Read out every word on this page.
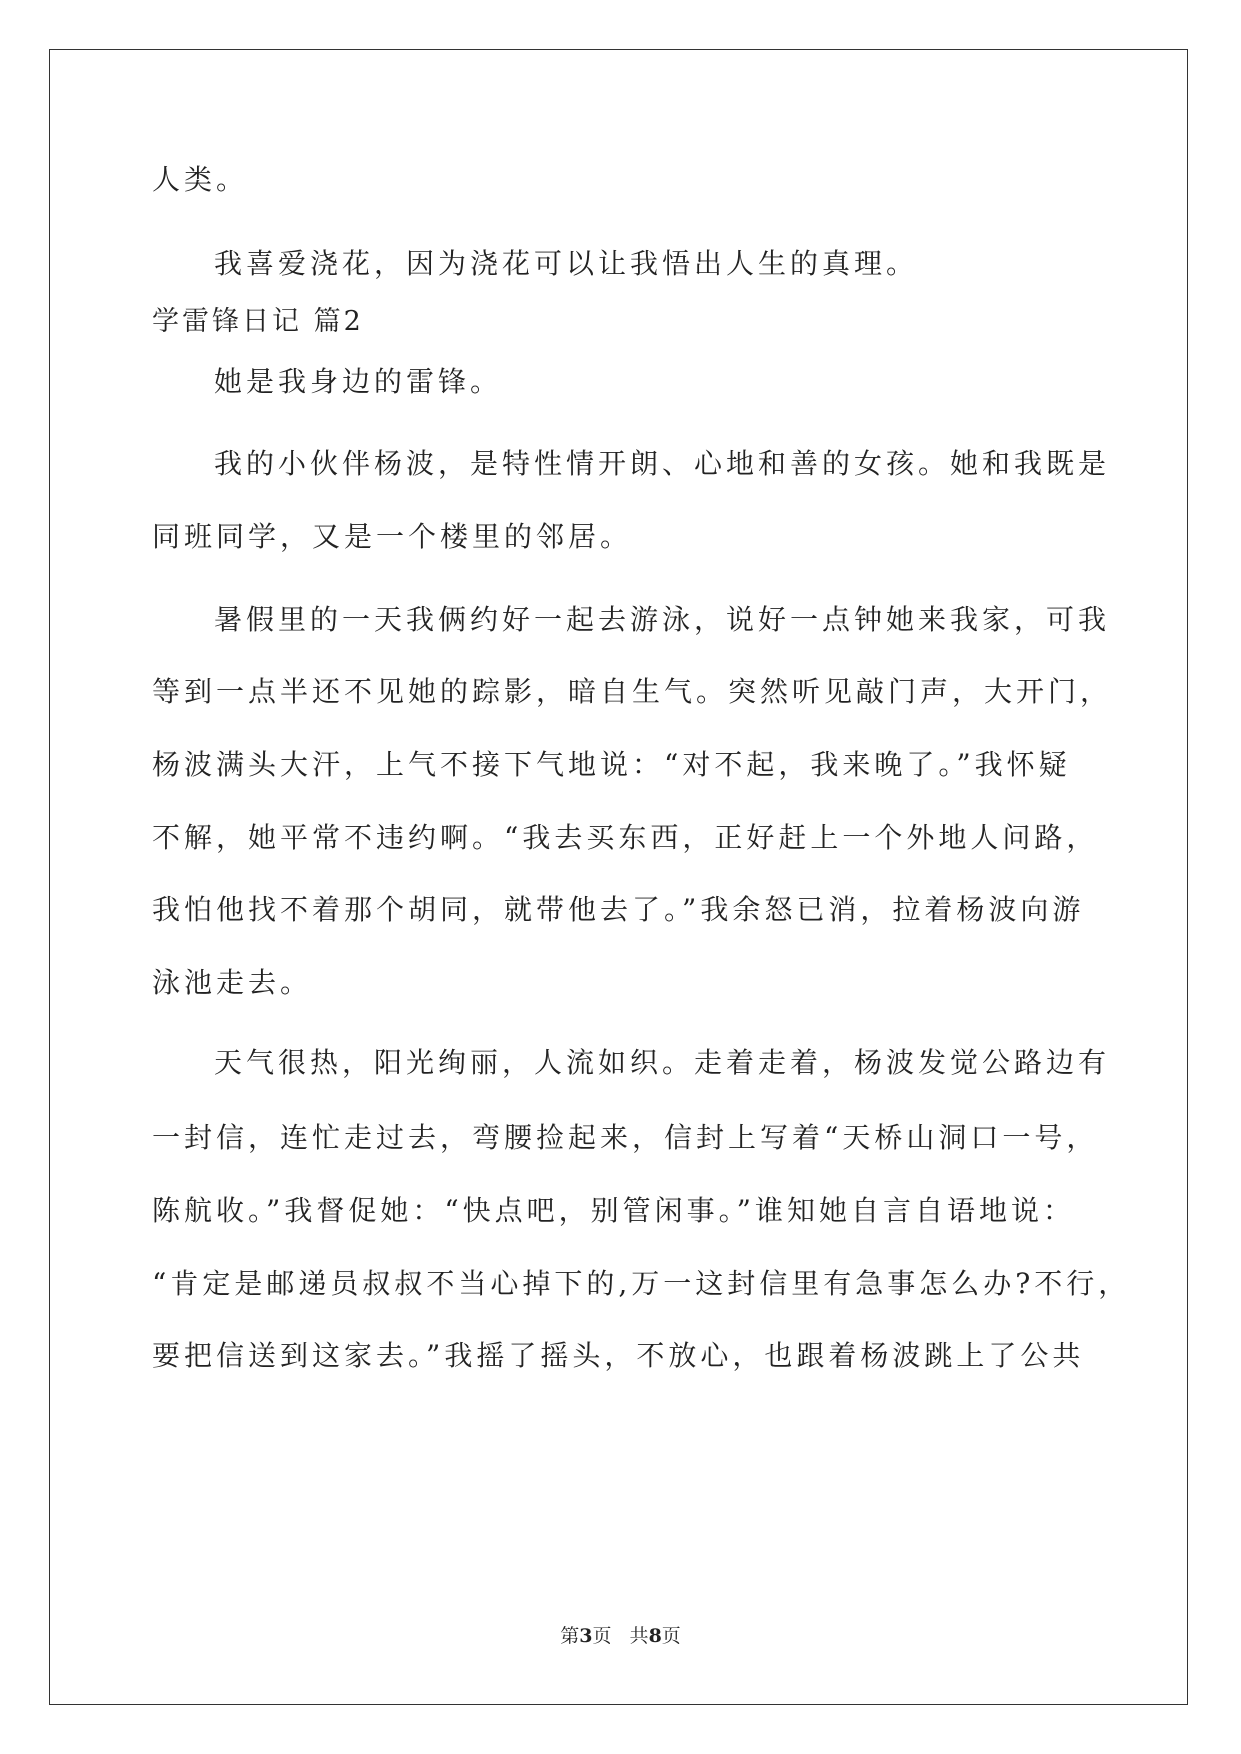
人类。
我喜爱浇花，因为浇花可以让我悟出人生的真理。
学雷锋日记 篇2
她是我身边的雷锋。
我的小伙伴杨波，是特性情开朗、心地和善的女孩。她和我既是
同班同学，又是一个楼里的邻居。
暑假里的一天我俩约好一起去游泳，说好一点钟她来我家，可我
等到一点半还不见她的踪影，暗自生气。突然听见敲门声，大开门，
杨波满头大汗，上气不接下气地说：“对不起，我来晚了。”我怀疑
不解，她平常不违约啊。“我去买东西，正好赶上一个外地人问路，
我怕他找不着那个胡同，就带他去了。”我余怒已消，拉着杨波向游
泳池走去。
天气很热，阳光绚丽，人流如织。走着走着，杨波发觉公路边有
一封信，连忙走过去，弯腰捡起来，信封上写着“天桥山洞口一号，
陈航收。”我督促她：“快点吧，别管闲事。”谁知她自言自语地说：
“肯定是邮递员叔叔不当心掉下的,万一这封信里有急事怎么办?不行，
要把信送到这家去。”我摇了摇头，不放心，也跟着杨波跳上了公共
第3页   共8页
